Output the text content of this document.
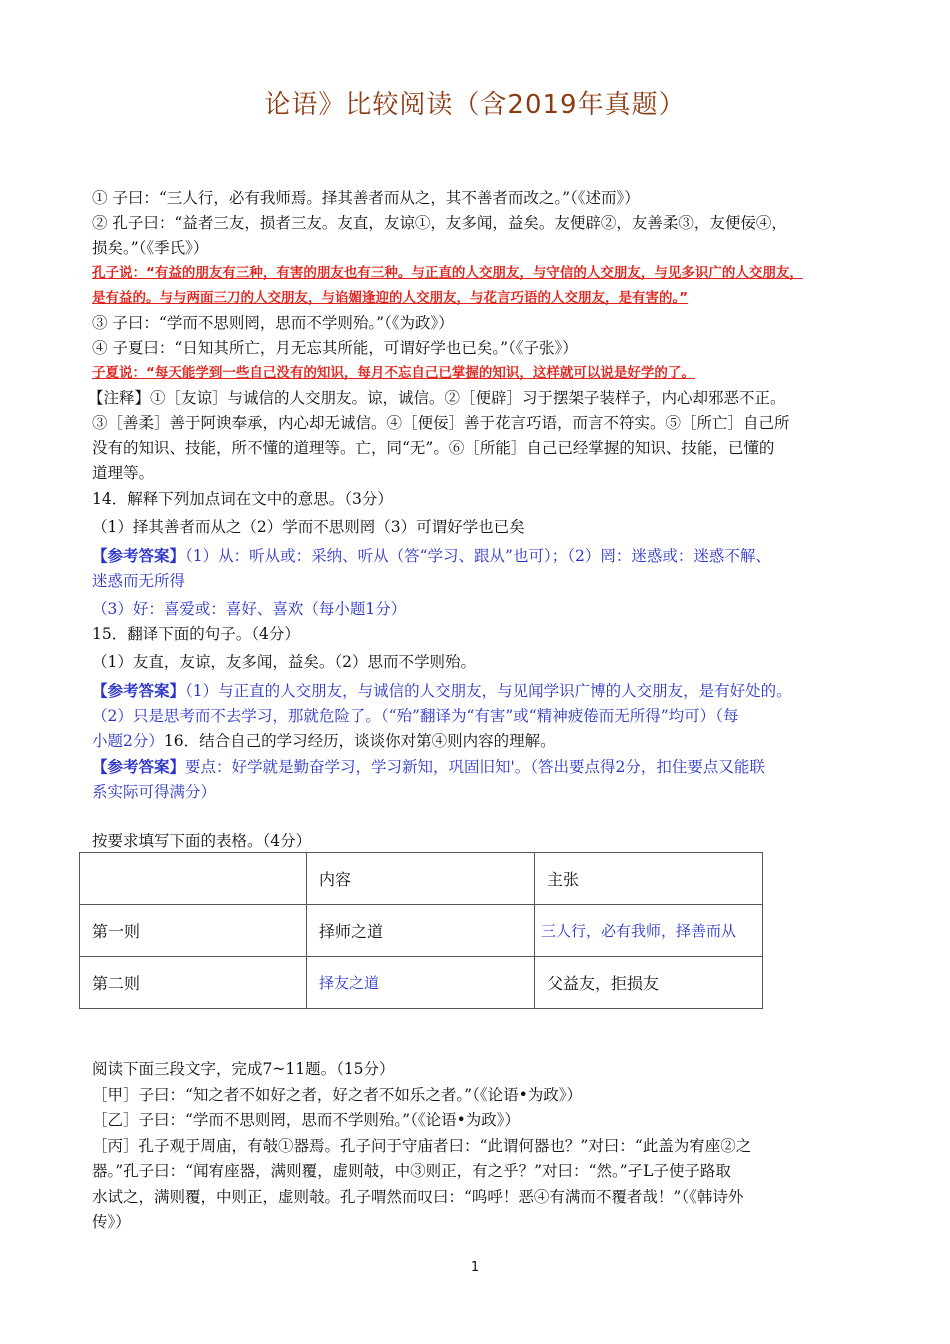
论语》比较阅读（含2019年真题）
① 子曰：“三人行，必有我师焉。择其善者而从之，其不善者而改之。”（《述而》）
② 孔子曰：“益者三友，损者三友。友直，友谅①，友多闻，益矣。友便辟②，友善柔③，友便佞④，
损矣。”（《季氏》）
孔子说：“有益的朋友有三种，有害的朋友也有三种。与正直的人交朋友，与守信的人交朋友，与见多识广的人交朋友，
是有益的。与与两面三刀的人交朋友，与谄媚逢迎的人交朋友，与花言巧语的人交朋友，是有害的。”
③ 子曰：“学而不思则罔，思而不学则殆。”（《为政》）
④ 子夏曰：“日知其所亡，月无忘其所能，可谓好学也已矣。”（《子张》）
子夏说：“每天能学到一些自己没有的知识，每月不忘自己已掌握的知识，这样就可以说是好学的了。
【注释】①［友谅］与诚信的人交朋友。谅，诚信。②［便辟］习于摆架子装样子，内心却邪恶不正。
③［善柔］善于阿谀奉承，内心却无诚信。④［便佞］善于花言巧语，而言不符实。⑤［所亡］自己所
没有的知识、技能，所不懂的道理等。亡，同“无”。⑥［所能］自己已经掌握的知识、技能，已懂的
道理等。
14．解释下列加点词在文中的意思。（3分）
（1）择其善者而从之（2）学而不思则罔（3）可谓好学也已矣
【参考答案】（1）从：听从或：采纳、听从（答“学习、跟从”也可）；（2）罔：迷惑或：迷惑不解、
迷惑而无所得
（3）好：喜爱或：喜好、喜欢（每小题1分）
15．翻译下面的句子。（4分）
（1）友直，友谅，友多闻，益矣。（2）思而不学则殆。
【参考答案】（1）与正直的人交朋友，与诚信的人交朋友，与见闻学识广博的人交朋友，是有好处的。
（2）只是思考而不去学习，那就危险了。（“殆”翻译为“有害”或“精神疲倦而无所得”均可）（每
小题2分）16．结合自己的学习经历，谈谈你对第④则内容的理解。
【参考答案】要点：好学就是勤奋学习，学习新知，巩固旧知'。（答出要点得2分，扣住要点又能联
系实际可得满分）
按要求填写下面的表格。（4分）
	内容	主张
第一则	择师之道	三人行，必有我师，择善而从
第二则	择友之道	父益友，拒损友
阅读下面三段文字，完成7~11题。（15分）
［甲］子曰：“知之者不如好之者，好之者不如乐之者。”（《论语•为政》）
［乙］子曰：“学而不思则罔，思而不学则殆。”（《论语•为政》）
［丙］孔子观于周庙，有攲①器焉。孔子问于守庙者曰：“此谓何器也？”对曰：“此盖为宥座②之
器。”孔子曰：“闻宥座器，满则覆，虚则攲，中③则正，有之乎？”对曰：“然。”孑L子使子路取
水试之，满则覆，中则正，虚则攲。孔子喟然而叹曰：“呜呼！恶④有满而不覆者哉！”（《韩诗外
传》）
1
